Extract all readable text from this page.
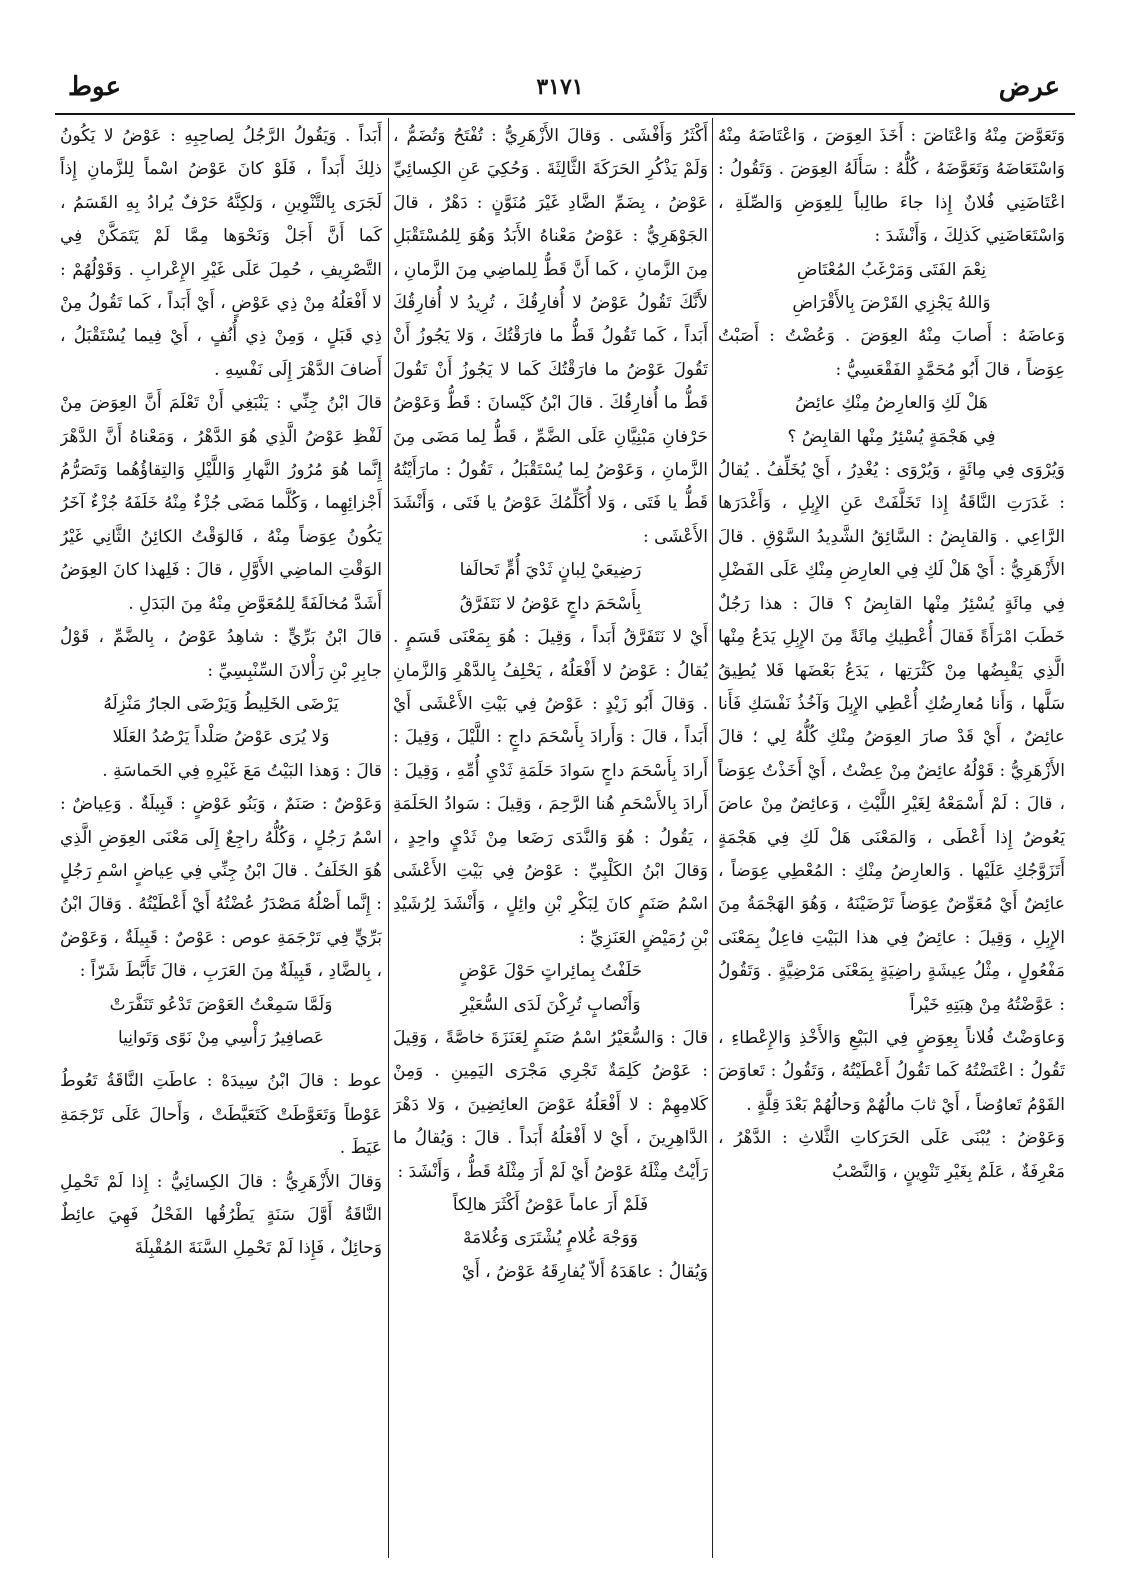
عرض
٣١٧١
عوط

وَتَعَوَّضَ مِنْهُ وَاعْتَاضَ : أَخَذَ العِوَضَ ، وَاعْتَاضَهُ مِنْهُ وَاسْتَعَاضَهُ وَتَعَوَّضَهُ ، كُلُّهُ : سَأَلَهُ العِوَضَ . وَتَقُولُ : اعْتَاضَنِي فُلانٌ إِذا جاءَ طالِباً لِلعِوَضِ وَالصِّلَةِ ، وَاسْتَعَاضَنِي كَذلِكَ ، وَأَنْشَدَ :

نِعْمَ الفَتَى وَمَرْغَبُ المُعْتَاضِ
وَاللهُ يَجْزِي القَرْضَ بِالأَقْرَاضِ

وَعاضَهُ : أَصابَ مِنْهُ العِوَضَ . وَعُضْتُ : أَصَبْتُ عِوَضاً ، قالَ أَبُو مُحَمَّدٍ الفَقْعَسِيُّ :

هَلْ لَكِ وَالعارِضُ مِنْكِ عائِضُ
فِي هَجْمَةٍ يُسْئِرُ مِنْها القابِضُ ؟

وَيُرْوَى فِي مِائَةٍ ، وَيُرْوَى : يُغْدِرُ ، أَيْ يُخَلِّفُ . يُقالُ : غَدَرَتِ النَّاقَةُ إِذا تَخَلَّفَتْ عَنِ الإِبِلِ ، وَأَغْدَرَها الرَّاعِي . وَالقابِضُ : السَّائِقُ الشَّدِيدُ السَّوْقِ . قالَ الأَزْهَرِيُّ : أَيْ هَلْ لَكِ فِي العارِضِ مِنْكِ عَلَى الفَضْلِ فِي مِائَةٍ يُسْئِرُ مِنْها القابِضُ ؟ قالَ : هذا رَجُلٌ خَطَبَ امْرَأَةً فَقالَ أُعْطِيكِ مِائَةً مِنَ الإِبِلِ يَدَعُ مِنْها الَّذِي يَقْبِضُها مِنْ كَثْرَتِها ، يَدَعُ بَعْضَها فَلا يُطِيقُ سَلَّها ، وَأَنا مُعارِضُكِ أُعْطِي الإِبِلَ وَآخُذُ نَفْسَكِ فَأَنا عائِضٌ ، أَيْ قَدْ صارَ العِوَضُ مِنْكِ كُلُّهُ لِي ؛ قالَ الأَزْهَرِيُّ : قَوْلُهُ عائِضٌ مِنْ عِضْتُ ، أَيْ أَخَذْتُ عِوَضاً ، قالَ : لَمْ أَسْمَعْهُ لِغَيْرِ اللَّيْثِ ، وَعائِضٌ مِنْ عاضَ يَعُوضُ إِذا أَعْطَى ، وَالمَعْنَى هَلْ لَكِ فِي هَجْمَةٍ أَتَزَوَّجُكِ عَلَيْها . وَالعارِضُ مِنْكِ : المُعْطِي عِوَضاً ، عائِضٌ أَيْ مُعَوِّضٌ عِوَضاً تَرْضَيْنَهُ ، وَهُوَ الهَجْمَةُ مِنَ الإِبِلِ ، وَقِيلَ : عائِضٌ فِي هذا البَيْتِ فاعِلٌ بِمَعْنَى مَفْعُولٍ ، مِثْلُ عِيشَةٍ راضِيَةٍ بِمَعْنَى مَرْضِيَّةٍ . وَتَقُولُ : عَوَّضْتُهُ مِنْ هِبَتِهِ خَيْراً

وَعاوَضْتُ فُلاناً بِعِوَضٍ فِي البَيْعِ وَالأَخْذِ وَالإِعْطاءِ ، تَقُولُ : اعْتَضْتُهُ كَما تَقُولُ أَعْطَيْتُهُ ، وَتَقُولُ : تَعاوَضَ القَوْمُ تَعاوُضاً ، أَيْ ثابَ مالُهُمْ وَحالُهُمْ بَعْدَ قِلَّةٍ .

وَعَوْضُ : يُبْنَى عَلَى الحَرَكاتِ الثَّلاثِ : الدَّهْرُ ، مَعْرِفَةٌ ، عَلَمٌ بِغَيْرِ تَنْوِينٍ ، وَالنَّصْبُ

أَكْثَرُ وَأَفْشَى . وَقالَ الأَزْهَرِيُّ : تُفْتَحُ وَتُضَمُّ ، وَلَمْ يَذْكُرِ الحَرَكَةَ الثَّالِثَةَ . وَحُكِيَ عَنِ الكِسائِيِّ عَوْضُ ، بِضَمِّ الضَّادِ غَيْرَ مُنَوَّنٍ : دَهْرٌ ، قالَ الجَوْهَرِيُّ : عَوْضُ مَعْناهُ الأَبَدُ وَهُوَ لِلمُسْتَقْبَلِ مِنَ الزَّمانِ ، كَما أَنَّ قَطُّ لِلماضِي مِنَ الزَّمانِ ، لأَنَّكَ تَقُولُ عَوْضُ لا أُفارِقُكَ ، تُرِيدُ لا أُفارِقُكَ أَبَداً ، كَما تَقُولُ قَطُّ ما فارَقْتُكَ ، وَلا يَجُوزُ أَنْ تَقُولَ عَوْضُ ما فارَقْتُكَ كَما لا يَجُوزُ أَنْ تَقُولَ قَطُّ ما أُفارِقُكَ . قالَ ابْنُ كَيْسانَ : قَطُّ وَعَوْضُ حَرْفانِ مَبْنِيَّانِ عَلَى الضَّمِّ ، قَطُّ لِما مَضَى مِنَ الزَّمانِ ، وَعَوْضُ لِما يُسْتَقْبَلُ ، تَقُولُ : مارَأَيْتُهُ قَطُّ يا فَتَى ، وَلا أُكَلِّمُكَ عَوْضُ يا فَتَى ، وَأَنْشَدَ الأَعْشَى :

رَضِيعَيْ لِبانٍ ثَدْيَ أُمٍّ تَحالَفا
بِأَسْحَمَ داجٍ عَوْضُ لا نَتَفَرَّقُ

أَيْ لا نَتَفَرَّقُ أَبَداً ، وَقِيلَ : هُوَ بِمَعْنَى قَسَمٍ . يُقالُ : عَوْضُ لا أَفْعَلُهُ ، يَحْلِفُ بِالدَّهْرِ وَالزَّمانِ . وَقالَ أَبُو زَيْدٍ : عَوْضُ فِي بَيْتِ الأَعْشَى أَيْ أَبَداً ، قالَ : وَأَرادَ بِأَسْحَمَ داجٍ : اللَّيْلَ ، وَقِيلَ : أَرادَ بِأَسْحَمَ داجٍ سَوادَ حَلَمَةِ ثَدْيِ أُمِّهِ ، وَقِيلَ : أَرادَ بِالأَسْحَمِ هُنا الرَّحِمَ ، وَقِيلَ : سَوادُ الحَلَمَةِ ، يَقُولُ : هُوَ وَالنَّدَى رَضَعا مِنْ ثَدْيٍ واحِدٍ ، وَقالَ ابْنُ الكَلْبِيِّ : عَوْضُ فِي بَيْتِ الأَعْشَى اسْمُ صَنَمٍ كانَ لِبَكْرِ بْنِ وائِلٍ ، وَأَنْشَدَ لِرُشَيْدِ بْنِ رُمَيْضٍ العَنَزِيِّ :

حَلَفْتُ بِمائِراتٍ حَوْلَ عَوْضٍ
وَأَنْصابٍ تُرِكْنَ لَدَى السُّعَيْرِ

قالَ : وَالسُّعَيْرُ اسْمُ صَنَمٍ لِعَنَزَةَ خاصَّةً ، وَقِيلَ : عَوْضُ كَلِمَةٌ تَجْرِي مَجْرَى اليَمِينِ . وَمِنْ كَلامِهِمْ : لا أَفْعَلُهُ عَوْضَ العائِضِينَ ، وَلا دَهْرَ الدَّاهِرِينَ ، أَيْ لا أَفْعَلُهُ أَبَداً . قالَ : وَيُقالُ ما رَأَيْتُ مِثْلَهُ عَوْضُ أَيْ لَمْ أَرَ مِثْلَهُ قَطُّ ، وَأَنْشَدَ :

فَلَمْ أَرَ عاماً عَوْضُ أَكْثَرَ هالِكاً
وَوَجْهَ غُلامٍ يُشْتَرَى وَغُلامَهْ

وَيُقالُ : عاهَدَهُ أَلاّ يُفارِقَهُ عَوْضُ ، أَيْ

أَبَداً . وَيَقُولُ الرَّجُلُ لِصاحِبِهِ : عَوْضُ لا يَكُونُ ذلِكَ أَبَداً ، فَلَوْ كانَ عَوْضُ اسْماً لِلزَّمانِ إِذاً لَجَرَى بِالتَّنْوِينِ ، وَلكِنَّهُ حَرْفٌ يُرادُ بِهِ القَسَمُ ، كَما أَنَّ أَجَلْ وَنَحْوَها مِمَّا لَمْ يَتَمَكَّنْ فِي التَّصْرِيفِ ، حُمِلَ عَلَى غَيْرِ الإِعْرابِ . وَقَوْلُهُمْ : لا أَفْعَلُهُ مِنْ ذِي عَوْضٍ ، أَيْ أَبَداً ، كَما تَقُولُ مِنْ ذِي قَبَلٍ ، وَمِنْ ذِي أُنُفٍ ، أَيْ فِيما يُسْتَقْبَلُ ، أَضافَ الدَّهْرَ إِلَى نَفْسِهِ .

قالَ ابْنُ جِنِّي : يَنْبَغِي أَنْ تَعْلَمَ أَنَّ العِوَضَ مِنْ لَفْظِ عَوْضُ الَّذِي هُوَ الدَّهْرُ ، وَمَعْناهُ أَنَّ الدَّهْرَ إِنَّما هُوَ مُرُورُ النَّهارِ وَاللَّيْلِ وَالتِقاؤُهُما وَتَصَرُّمُ أَجْزائِهِما ، وَكُلَّما مَضَى جُزْءٌ مِنْهُ خَلَفَهُ جُزْءٌ آخَرُ يَكُونُ عِوَضاً مِنْهُ ، فَالوَقْتُ الكائِنُ الثَّانِي غَيْرُ الوَقْتِ الماضِي الأَوَّلِ ، قالَ : فَلِهذا كانَ العِوَضُ أَشَدَّ مُخالَفَةً لِلمُعَوَّضِ مِنْهُ مِنَ البَدَلِ .

قالَ ابْنُ بَرِّيٍّ : شاهِدُ عَوْضُ ، بِالضَّمِّ ، قَوْلُ جابِرِ بْنِ رَأْلانَ السِّنْبِسِيِّ :

يَرْضَى الخَلِيطُ وَيَرْضَى الجارُ مَنْزِلَهُ
وَلا يُرَى عَوْضُ صَلْداً يَرْصُدُ العَلَلا

قالَ : وَهذا البَيْتُ مَعَ غَيْرِهِ فِي الحَماسَةِ .

وَعَوْضٌ : صَنَمٌ ، وَبَنُو عَوْضٍ : قَبِيلَةٌ . وَعِياضٌ : اسْمُ رَجُلٍ ، وَكُلُّهُ راجِعٌ إِلَى مَعْنَى العِوَضِ الَّذِي هُوَ الخَلَفُ . قالَ ابْنُ جِنِّي فِي عِياضٍ اسْمِ رَجُلٍ : إِنَّما أَصْلُهُ مَصْدَرُ عُضْتُهُ أَيْ أَعْطَيْتُهُ . وَقالَ ابْنُ بَرِّيٍّ فِي تَرْجَمَةِ عوص : عَوْصٌ : قَبِيلَةٌ ، وَعَوْضٌ ، بِالضَّادِ ، قَبِيلَةٌ مِنَ العَرَبِ ، قالَ تَأَبَّطَ شَرّاً :

وَلَمَّا سَمِعْتُ العَوْضَ تَدْعُو تَنَفَّرَتْ
عَصافِيرُ رَأْسِي مِنْ نَوًى وَتَوانِيا

عوط : قالَ ابْنُ سِيدَهْ : عاطَتِ النَّاقَةُ تَعُوطُ عَوْطاً وَتَعَوَّطَتْ كَتَعَيَّطَتْ ، وَأَحالَ عَلَى تَرْجَمَةِ عَيَطَ .

وَقالَ الأَزْهَرِيُّ : قالَ الكِسائِيُّ : إِذا لَمْ تَحْمِلِ النَّاقَةُ أَوَّلَ سَنَةٍ يَطْرُقُها الفَحْلُ فَهِيَ عائِطٌ وَحائِلٌ ، فَإِذا لَمْ تَحْمِلِ السَّنَةَ المُقْبِلَةَ
